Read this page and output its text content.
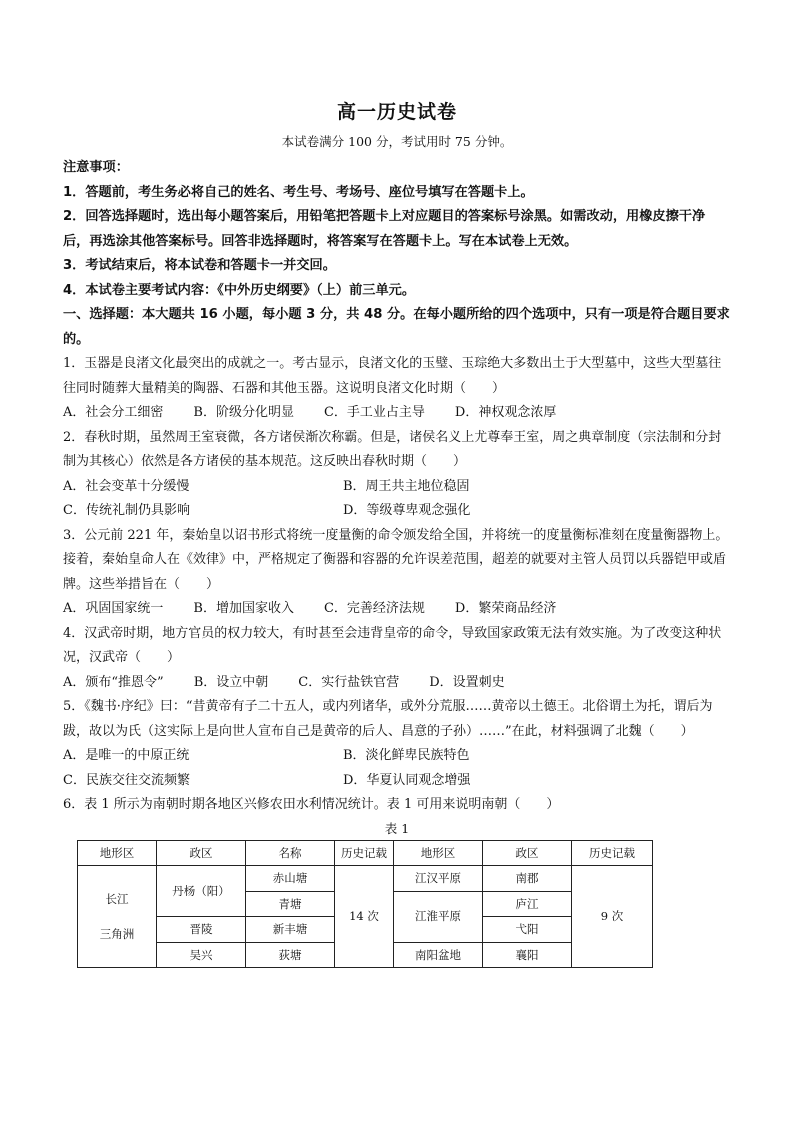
高一历史试卷
本试卷满分 100 分，考试用时 75 分钟。
注意事项：
1．答题前，考生务必将自己的姓名、考生号、考场号、座位号填写在答题卡上。
2．回答选择题时，选出每小题答案后，用铅笔把答题卡上对应题目的答案标号涂黑。如需改动，用橡皮擦干净后，再选涂其他答案标号。回答非选择题时，将答案写在答题卡上。写在本试卷上无效。
3．考试结束后，将本试卷和答题卡一并交回。
4．本试卷主要考试内容：《中外历史纲要》（上）前三单元。
一、选择题：本大题共 16 小题，每小题 3 分，共 48 分。在每小题所给的四个选项中，只有一项是符合题目要求的。
1．玉器是良渚文化最突出的成就之一。考古显示，良渚文化的玉璧、玉琮绝大多数出土于大型墓中，这些大型墓往往同时随葬大量精美的陶器、石器和其他玉器。这说明良渚文化时期（　　）
A．社会分工细密 B．阶级分化明显 C．手工业占主导 D．神权观念浓厚
2．春秋时期，虽然周王室衰微，各方诸侯渐次称霸。但是，诸侯名义上尤尊奉王室，周之典章制度（宗法制和分封制为其核心）依然是各方诸侯的基本规范。这反映出春秋时期（　　）
A．社会变革十分缓慢	B．周王共主地位稳固
C．传统礼制仍具影响	D．等级尊卑观念强化
3．公元前 221 年，秦始皇以诏书形式将统一度量衡的命令颁发给全国，并将统一的度量衡标准刻在度量衡器物上。接着，秦始皇命人在《效律》中，严格规定了衡器和容器的允许误差范围，超差的就要对主管人员罚以兵器铠甲或盾牌。这些举措旨在（　　）
A．巩固国家统一 B．增加国家收入 C．完善经济法规 D．繁荣商品经济
4．汉武帝时期，地方官员的权力较大，有时甚至会违背皇帝的命令，导致国家政策无法有效实施。为了改变这种状况，汉武帝（　　）
A．颁布“推恩令” B．设立中朝 C．实行盐铁官营 D．设置刺史
5．《魏书·序纪》曰：“昔黄帝有子二十五人，或内列诸华，或外分荒服……黄帝以土德王。北俗谓土为托，谓后为跋，故以为氏（这实际上是向世人宣布自己是黄帝的后人、昌意的子孙）……”在此，材料强调了北魏（　　）
A．是唯一的中原正统	B．淡化鲜卑民族特色
C．民族交往交流频繁	D．华夏认同观念增强
6．表 1 所示为南朝时期各地区兴修农田水利情况统计。表 1 可用来说明南朝（　　）
表 1
地形区	政区	名称	历史记载	地形区	政区	历史记载

长江
三角洲	丹杨（阳）	赤山塘	14 次	江汉平原	南郡	9 次
		青塘		江淮平原	庐江	
	晋陵	新丰塘			弋阳	
	吴兴	荻塘		南阳盆地	襄阳	
